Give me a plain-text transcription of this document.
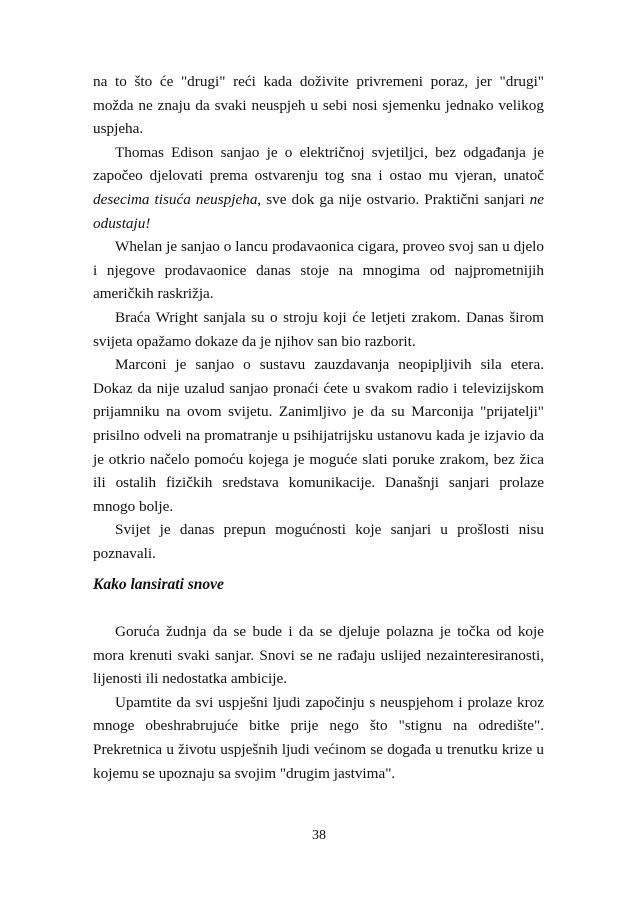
na to što će "drugi" reći kada doživite privremeni poraz, jer "drugi" možda ne znaju da svaki neuspjeh u sebi nosi sjemenku jednako velikog uspjeha.

Thomas Edison sanjao je o električnoj svjetiljci, bez odgađanja je započeo djelovati prema ostvarenju tog sna i ostao mu vjeran, unatoč desecima tisuća neuspjeha, sve dok ga nije ostvario. Praktični sanjari ne odustaju!

Whelan je sanjao o lancu prodavaonica cigara, proveo svoj san u djelo i njegove prodavaonice danas stoje na mnogima od najprometnijih američkih raskrižja.

Braća Wright sanjala su o stroju koji će letjeti zrakom. Danas širom svijeta opažamo dokaze da je njihov san bio razborit.

Marconi je sanjao o sustavu zauzdavanja neopipljivih sila etera. Dokaz da nije uzalud sanjao pronaći ćete u svakom radio i televizijskom prijamniku na ovom svijetu. Zanimljivo je da su Marconija "prijatelji" prisilno odveli na promatranje u psihijatrijsku ustanovu kada je izjavio da je otkrio načelo pomoću kojega je moguće slati poruke zrakom, bez žica ili ostalih fizičkih sredstava komunikacije. Današnji sanjari prolaze mnogo bolje.

Svijet je danas prepun mogućnosti koje sanjari u prošlosti nisu poznavali.

Kako lansirati snove

Goruća žudnja da se bude i da se djeluje polazna je točka od koje mora krenuti svaki sanjar. Snovi se ne rađaju uslijed nezainteresiranosti, lijenosti ili nedostatka ambicije.

Upamtite da svi uspješni ljudi započinju s neuspjehom i prolaze kroz mnoge obeshrabrujuće bitke prije nego što "stignu na odredište". Prekretnica u životu uspješnih ljudi većinom se događa u trenutku krize u kojemu se upoznaju sa svojim "drugim jastvima".

38
